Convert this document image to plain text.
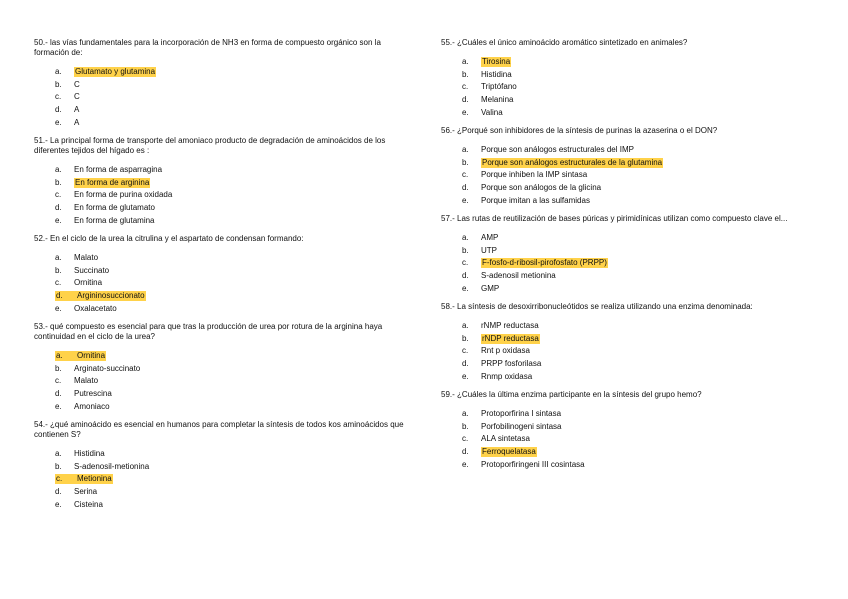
50.- las vías fundamentales para la incorporación de NH3 en forma de compuesto orgánico son la formación de:

a.	Glutamato y glutamina
b.	C
c.	C
d.	A
e.	A

51.- La principal forma de transporte del amoniaco producto de degradación de aminoácidos de los diferentes tejidos del hígado es :

a.	En forma de asparragina
b.	En forma de arginina
c.	En forma de purina oxidada
d.	En forma de glutamato
e.	En forma de glutamina

52.- En el ciclo de la urea la citrulina y el aspartato de condensan formando:

a.	Malato
b.	Succinato
c.	Ornitina
d.	Argininosuccionato
e.	Oxalacetato

53.- qué compuesto es esencial para que tras la producción de urea por rotura de la arginina haya continuidad en el ciclo de la urea?

a.	Ornitina
b.	Arginato-succinato
c.	Malato
d.	Putrescina
e.	Amoniaco

54.- ¿qué aminoácido es esencial en humanos para completar la síntesis de todos kos aminoácidos que contienen S?

a.	Histidina
b.	S-adenosil-metionina
c.	Metionina
d.	Serina
e.	Cisteina

55.- ¿Cuáles el único aminoácido aromático sintetizado en animales?

a.	Tirosina
b.	Histidina
c.	Triptófano
d.	Melanina
e.	Valina

56.- ¿Porqué son inhibidores de la síntesis de purinas la azaserina o el DON?

a.	Porque son análogos estructurales del IMP
b.	Porque son análogos estructurales de la glutamina
c.	Porque inhiben la IMP sintasa
d.	Porque son análogos de la glicina
e.	Porque imitan a las sulfamidas

57.- Las rutas de reutilización de bases púricas y pirimidínicas utilizan como compuesto clave el...

a.	AMP
b.	UTP
c.	F-fosfo-d-ribosil-pirofosfato (PRPP)
d.	S-adenosil metionina
e.	GMP

58.- La síntesis de desoxirribonucleótidos se realiza utilizando una enzima denominada:

a.	rNMP reductasa
b.	rNDP reductasa
c.	Rnt p oxidasa
d.	PRPP fosforilasa
e.	Rnmp oxidasa

59.- ¿Cuáles la última enzima participante en la síntesis del grupo hemo?

a.	Protoporfirina I sintasa
b.	Porfobilinogeni sintasa
c.	ALA sintetasa
d.	Ferroquelatasa
e.	Protoporfiringeni III cosintasa
